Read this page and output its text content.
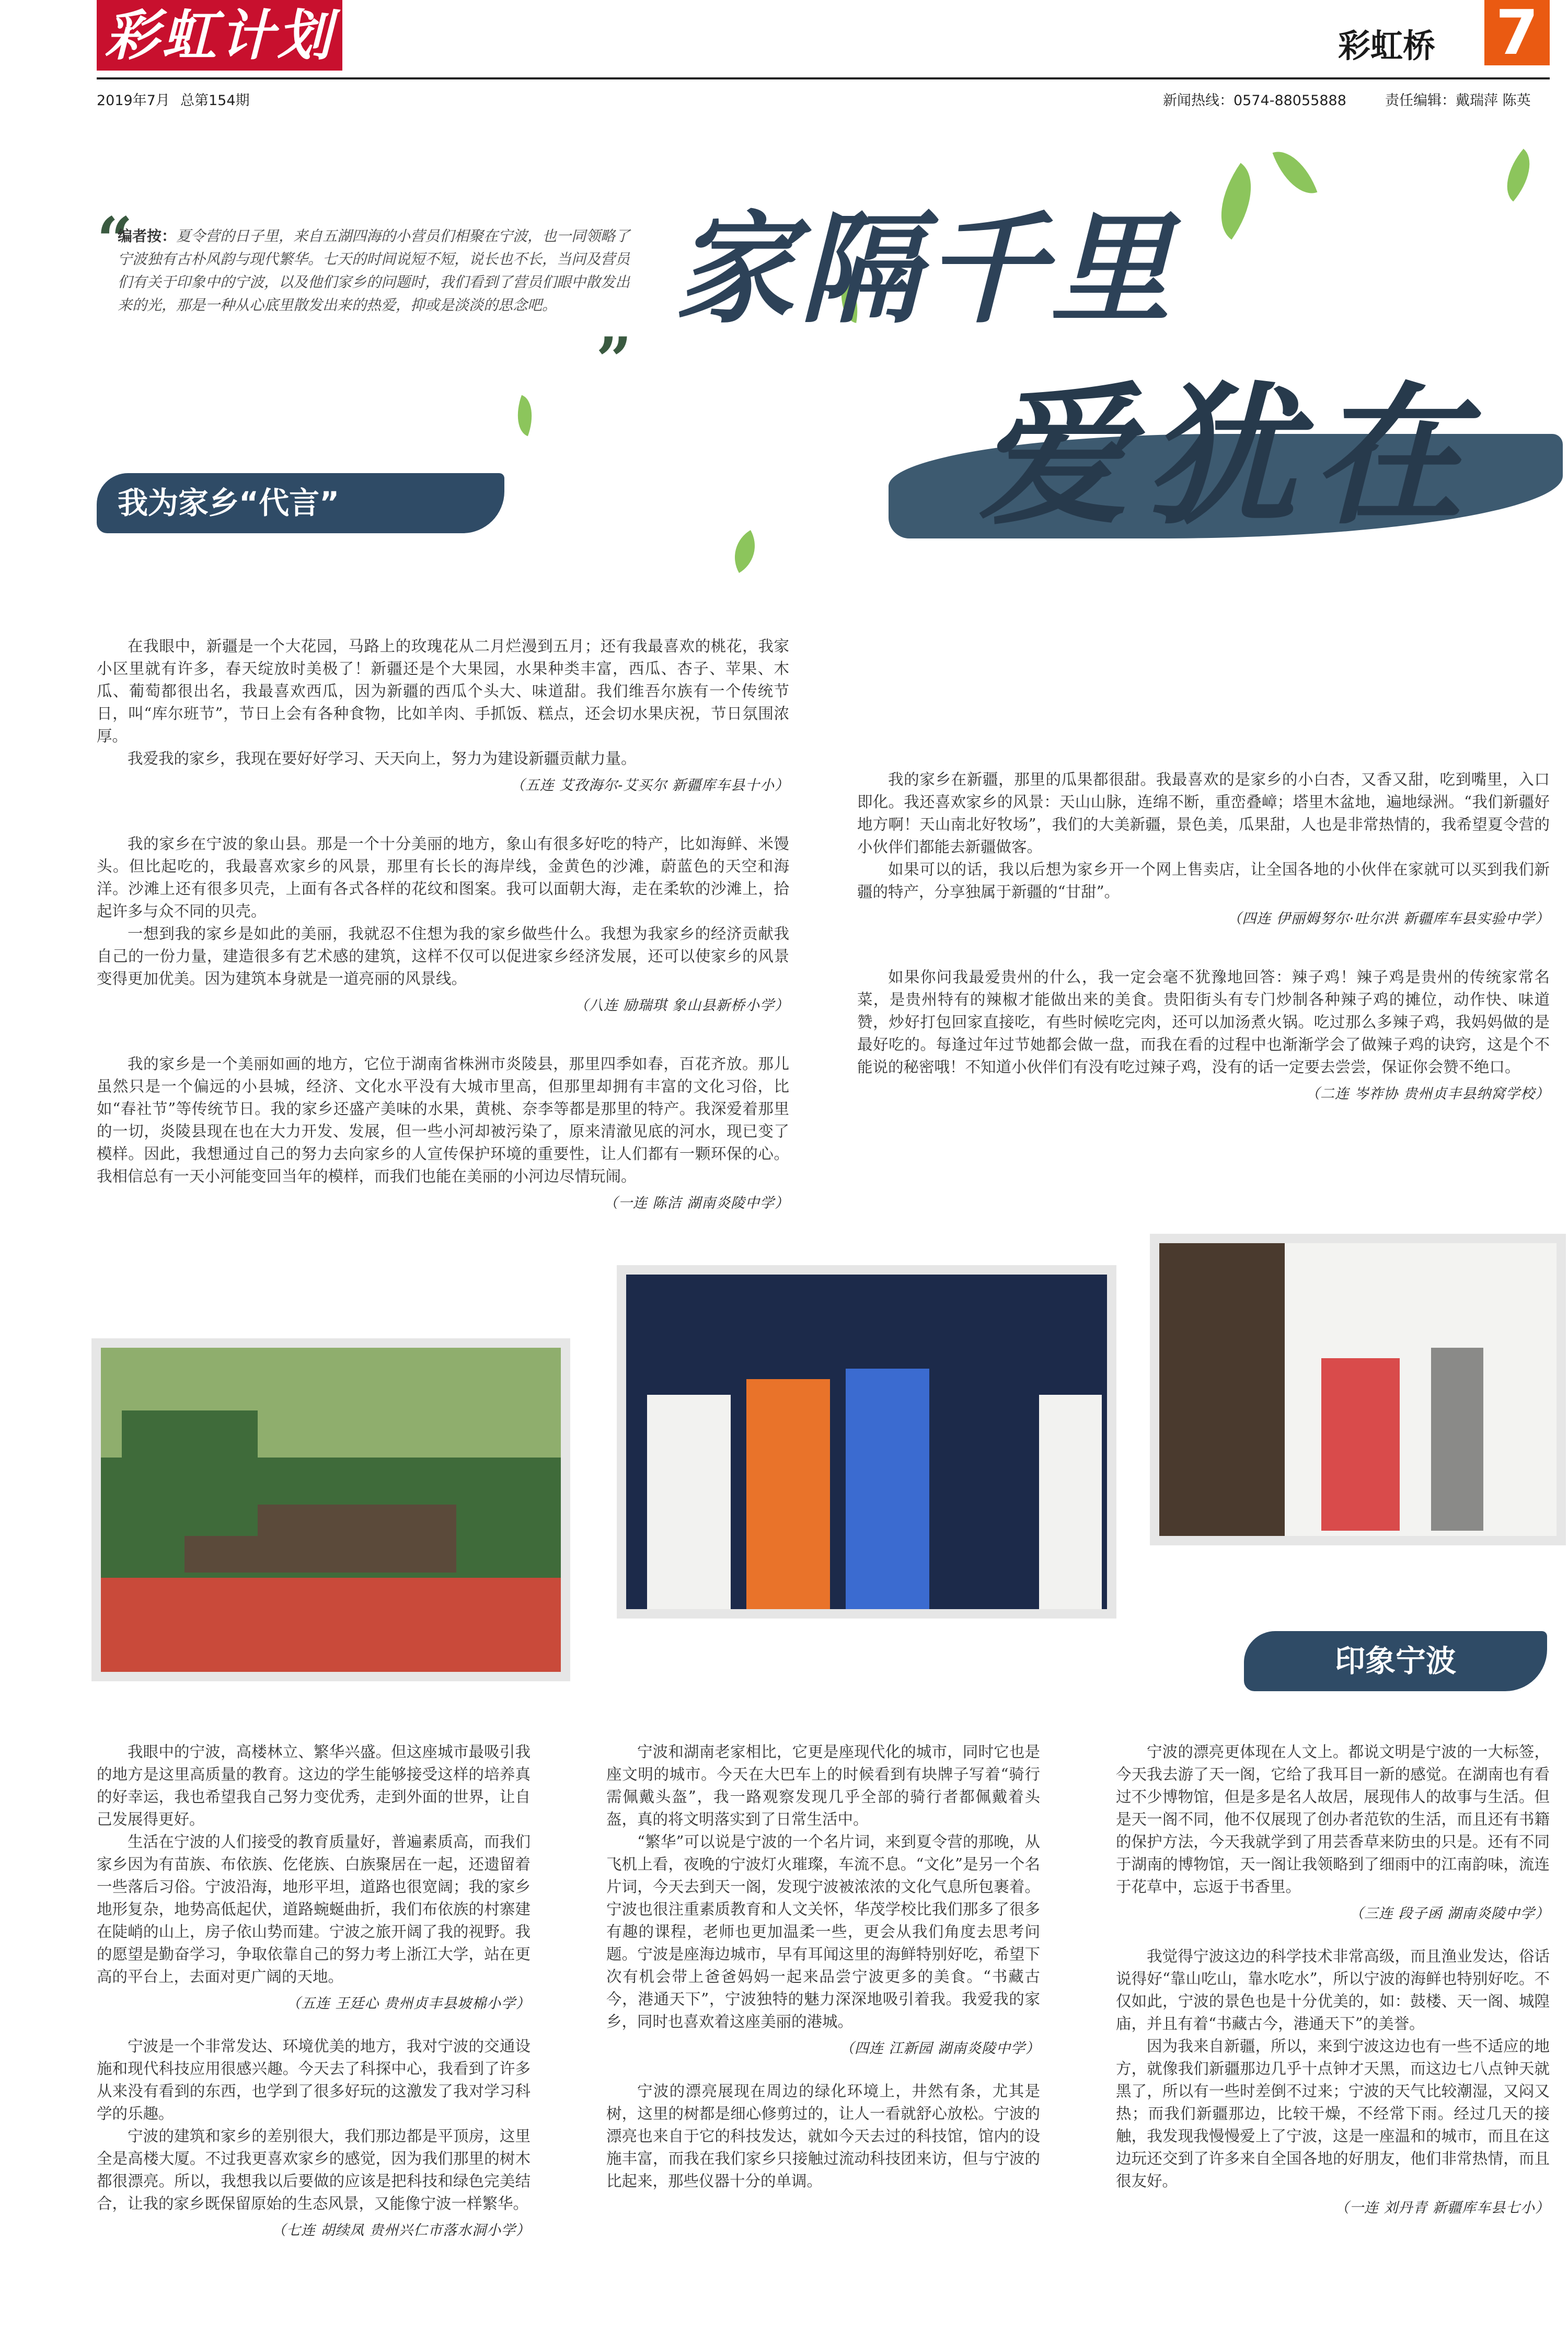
彩虹计划	彩虹桥 7
2019年7月 总第154期	新闻热线：0574-88055888	责任编辑：戴瑞萍 陈英
“
编者按：夏令营的日子里，来自五湖四海的小营员们相聚在宁波，也一同领略了宁波独有古朴风韵与现代繁华。七天的时间说短不短，说长也不长，当问及营员们有关于印象中的宁波，以及他们家乡的问题时，我们看到了营员们眼中散发出来的光，那是一种从心底里散发出来的热爱，抑或是淡淡的思念吧。
”
家隔千里
爱犹在
我为家乡“代言”

在我眼中，新疆是一个大花园，马路上的玫瑰花从二月烂漫到五月；还有我最喜欢的桃花，我家小区里就有许多，春天绽放时美极了！新疆还是个大果园，水果种类丰富，西瓜、杏子、苹果、木瓜、葡萄都很出名，我最喜欢西瓜，因为新疆的西瓜个头大、味道甜。我们维吾尔族有一个传统节日，叫“库尔班节”，节日上会有各种食物，比如羊肉、手抓饭、糕点，还会切水果庆祝，节日氛围浓厚。

我爱我的家乡，我现在要好好学习、天天向上，努力为建设新疆贡献力量。

（五连 艾孜海尔-艾买尔 新疆库车县十小）

我的家乡在宁波的象山县。那是一个十分美丽的地方，象山有很多好吃的特产，比如海鲜、米馒头。但比起吃的，我最喜欢家乡的风景，那里有长长的海岸线，金黄色的沙滩，蔚蓝色的天空和海洋。沙滩上还有很多贝壳，上面有各式各样的花纹和图案。我可以面朝大海，走在柔软的沙滩上，拾起许多与众不同的贝壳。

一想到我的家乡是如此的美丽，我就忍不住想为我的家乡做些什么。我想为我家乡的经济贡献我自己的一份力量，建造很多有艺术感的建筑，这样不仅可以促进家乡经济发展，还可以使家乡的风景变得更加优美。因为建筑本身就是一道亮丽的风景线。

（八连 励瑞琪 象山县新桥小学）

我的家乡是一个美丽如画的地方，它位于湖南省株洲市炎陵县，那里四季如春，百花齐放。那儿虽然只是一个偏远的小县城，经济、文化水平没有大城市里高，但那里却拥有丰富的文化习俗，比如“春社节”等传统节日。我的家乡还盛产美味的水果，黄桃、奈李等都是那里的特产。我深爱着那里的一切，炎陵县现在也在大力开发、发展，但一些小河却被污染了，原来清澈见底的河水，现已变了模样。因此，我想通过自己的努力去向家乡的人宣传保护环境的重要性，让人们都有一颗环保的心。我相信总有一天小河能变回当年的模样，而我们也能在美丽的小河边尽情玩闹。

（一连 陈洁 湖南炎陵中学）

我的家乡在新疆，那里的瓜果都很甜。我最喜欢的是家乡的小白杏，又香又甜，吃到嘴里，入口即化。我还喜欢家乡的风景：天山山脉，连绵不断，重峦叠嶂；塔里木盆地，遍地绿洲。“我们新疆好地方啊！天山南北好牧场”，我们的大美新疆，景色美，瓜果甜，人也是非常热情的，我希望夏令营的小伙伴们都能去新疆做客。

如果可以的话，我以后想为家乡开一个网上售卖店，让全国各地的小伙伴在家就可以买到我们新疆的特产，分享独属于新疆的“甘甜”。

（四连 伊丽姆努尔·吐尔洪 新疆库车县实验中学）

如果你问我最爱贵州的什么，我一定会毫不犹豫地回答：辣子鸡！辣子鸡是贵州的传统家常名菜，是贵州特有的辣椒才能做出来的美食。贵阳街头有专门炒制各种辣子鸡的摊位，动作快、味道赞，炒好打包回家直接吃，有些时候吃完肉，还可以加汤煮火锅。吃过那么多辣子鸡，我妈妈做的是最好吃的。每逢过年过节她都会做一盘，而我在看的过程中也渐渐学会了做辣子鸡的诀窍，这是个不能说的秘密哦！不知道小伙伴们有没有吃过辣子鸡，没有的话一定要去尝尝，保证你会赞不绝口。

（二连 岑祚协 贵州贞丰县纳窝学校）
印象宁波

我眼中的宁波，高楼林立、繁华兴盛。但这座城市最吸引我的地方是这里高质量的教育。这边的学生能够接受这样的培养真的好幸运，我也希望我自己努力变优秀，走到外面的世界，让自己发展得更好。

生活在宁波的人们接受的教育质量好，普遍素质高，而我们家乡因为有苗族、布依族、仡佬族、白族聚居在一起，还遗留着一些落后习俗。宁波沿海，地形平坦，道路也很宽阔；我的家乡地形复杂，地势高低起伏，道路蜿蜒曲折，我们布依族的村寨建在陡峭的山上，房子依山势而建。宁波之旅开阔了我的视野。我的愿望是勤奋学习，争取依靠自己的努力考上浙江大学，站在更高的平台上，去面对更广阔的天地。

（五连 王廷心 贵州贞丰县坡棉小学）

宁波是一个非常发达、环境优美的地方，我对宁波的交通设施和现代科技应用很感兴趣。今天去了科探中心，我看到了许多从来没有看到的东西，也学到了很多好玩的这激发了我对学习科学的乐趣。

宁波的建筑和家乡的差别很大，我们那边都是平顶房，这里全是高楼大厦。不过我更喜欢家乡的感觉，因为我们那里的树木都很漂亮。所以，我想我以后要做的应该是把科技和绿色完美结合，让我的家乡既保留原始的生态风景，又能像宁波一样繁华。

（七连 胡续凤 贵州兴仁市落水洞小学）

宁波和湖南老家相比，它更是座现代化的城市，同时它也是座文明的城市。今天在大巴车上的时候看到有块牌子写着“骑行需佩戴头盔”，我一路观察发现几乎全部的骑行者都佩戴着头盔，真的将文明落实到了日常生活中。

“繁华”可以说是宁波的一个名片词，来到夏令营的那晚，从飞机上看，夜晚的宁波灯火璀璨，车流不息。“文化”是另一个名片词，今天去到天一阁，发现宁波被浓浓的文化气息所包裹着。宁波也很注重素质教育和人文关怀，华茂学校比我们那多了很多有趣的课程，老师也更加温柔一些，更会从我们角度去思考问题。宁波是座海边城市，早有耳闻这里的海鲜特别好吃，希望下次有机会带上爸爸妈妈一起来品尝宁波更多的美食。“书藏古今，港通天下”，宁波独特的魅力深深地吸引着我。我爱我的家乡，同时也喜欢着这座美丽的港城。

（四连 江新园 湖南炎陵中学）

宁波的漂亮展现在周边的绿化环境上，井然有条，尤其是树，这里的树都是细心修剪过的，让人一看就舒心放松。宁波的漂亮也来自于它的科技发达，就如今天去过的科技馆，馆内的设施丰富，而我在我们家乡只接触过流动科技团来访，但与宁波的比起来，那些仪器十分的单调。

宁波的漂亮更体现在人文上。都说文明是宁波的一大标签，今天我去游了天一阁，它给了我耳目一新的感觉。在湖南也有看过不少博物馆，但是多是名人故居，展现伟人的故事与生活。但是天一阁不同，他不仅展现了创办者范钦的生活，而且还有书籍的保护方法，今天我就学到了用芸香草来防虫的只是。还有不同于湖南的博物馆，天一阁让我领略到了细雨中的江南韵味，流连于花草中，忘返于书香里。

（三连 段子函 湖南炎陵中学）

我觉得宁波这边的科学技术非常高级，而且渔业发达，俗话说得好“靠山吃山，靠水吃水”，所以宁波的海鲜也特别好吃。不仅如此，宁波的景色也是十分优美的，如：鼓楼、天一阁、城隍庙，并且有着“书藏古今，港通天下”的美誉。

因为我来自新疆，所以，来到宁波这边也有一些不适应的地方，就像我们新疆那边几乎十点钟才天黑，而这边七八点钟天就黑了，所以有一些时差倒不过来；宁波的天气比较潮湿，又闷又热；而我们新疆那边，比较干燥，不经常下雨。经过几天的接触，我发现我慢慢爱上了宁波，这是一座温和的城市，而且在这边玩还交到了许多来自全国各地的好朋友，他们非常热情，而且很友好。

（一连 刘丹青 新疆库车县七小）
